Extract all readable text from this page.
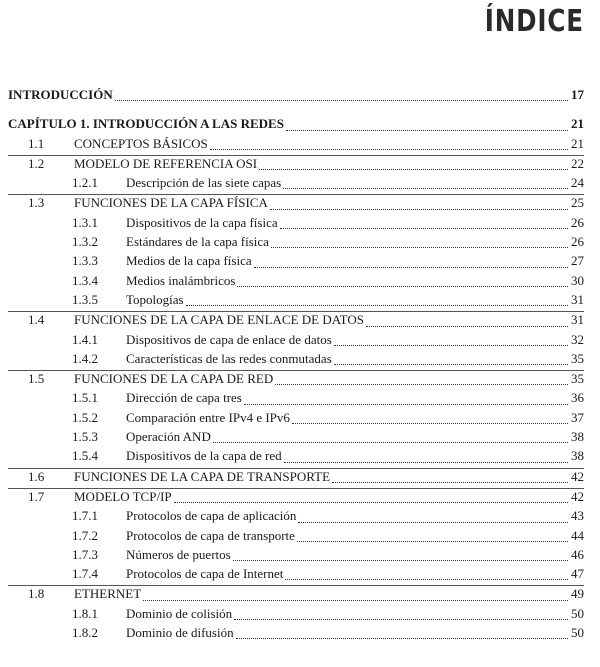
ÍNDICE
INTRODUCCIÓN	17
CAPÍTULO 1. INTRODUCCIÓN A LAS REDES	21
1.1	CONCEPTOS BÁSICOS	21
1.2	MODELO DE REFERENCIA OSI	22
1.2.1	Descripción de las siete capas	24
1.3	FUNCIONES DE LA CAPA FÍSICA	25
1.3.1	Dispositivos de la capa física	26
1.3.2	Estándares de la capa física	26
1.3.3	Medios de la capa física	27
1.3.4	Medios inalámbricos	30
1.3.5	Topologías	31
1.4	FUNCIONES DE LA CAPA DE ENLACE DE DATOS	31
1.4.1	Dispositivos de capa de enlace de datos	32
1.4.2	Características de las redes conmutadas	35
1.5	FUNCIONES DE LA CAPA DE RED	35
1.5.1	Dirección de capa tres	36
1.5.2	Comparación entre IPv4 e IPv6	37
1.5.3	Operación AND	38
1.5.4	Dispositivos de la capa de red	38
1.6	FUNCIONES DE LA CAPA DE TRANSPORTE	42
1.7	MODELO TCP/IP	42
1.7.1	Protocolos de capa de aplicación	43
1.7.2	Protocolos de capa de transporte	44
1.7.3	Números de puertos	46
1.7.4	Protocolos de capa de Internet	47
1.8	ETHERNET	49
1.8.1	Dominio de colisión	50
1.8.2	Dominio de difusión	50
